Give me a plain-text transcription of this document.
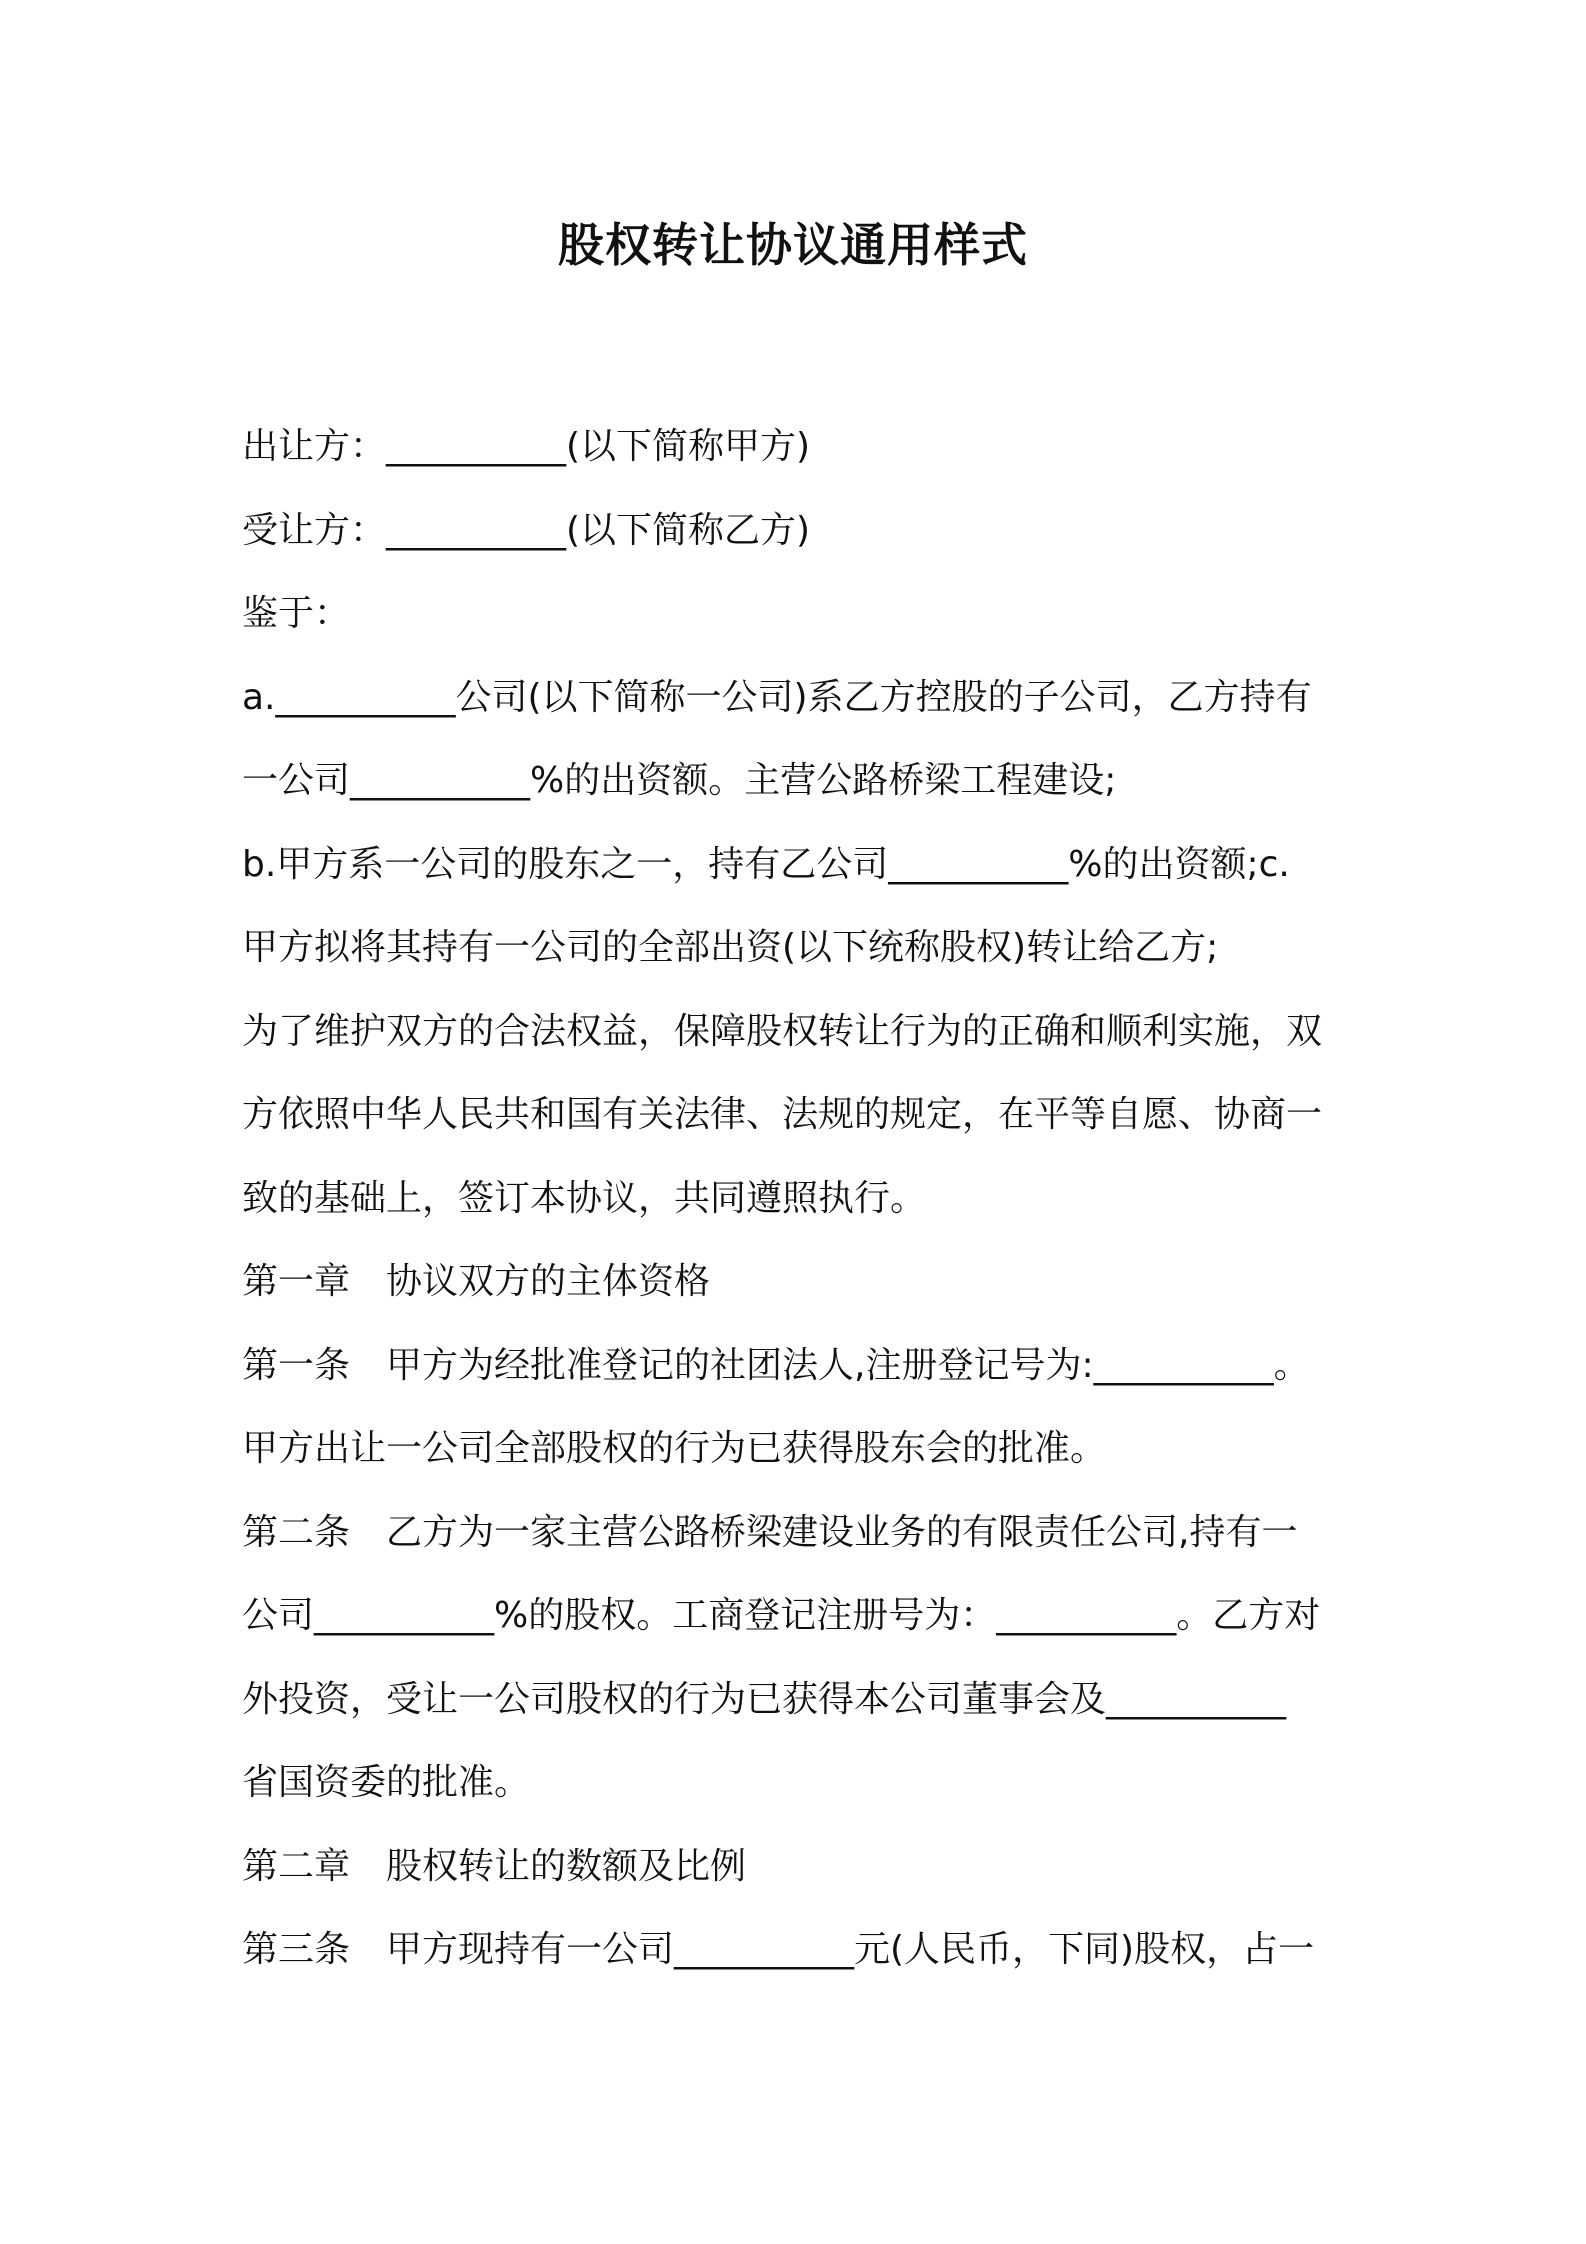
股权转让协议通用样式

出让方：__________(以下简称甲方)

受让方：__________(以下简称乙方)

鉴于：

a.__________公司(以下简称一公司)系乙方控股的子公司，乙方持有

一公司__________%的出资额。主营公路桥梁工程建设;

b.甲方系一公司的股东之一，持有乙公司__________%的出资额;c.

甲方拟将其持有一公司的全部出资(以下统称股权)转让给乙方;

为了维护双方的合法权益，保障股权转让行为的正确和顺利实施，双

方依照中华人民共和国有关法律、法规的规定，在平等自愿、协商一

致的基础上，签订本协议，共同遵照执行。

第一章　协议双方的主体资格

第一条　甲方为经批准登记的社团法人,注册登记号为:__________。

甲方出让一公司全部股权的行为已获得股东会的批准。

第二条　乙方为一家主营公路桥梁建设业务的有限责任公司,持有一

公司__________%的股权。工商登记注册号为：__________。乙方对

外投资，受让一公司股权的行为已获得本公司董事会及__________

省国资委的批准。

第二章　股权转让的数额及比例

第三条　甲方现持有一公司__________元(人民币，下同)股权，占一
